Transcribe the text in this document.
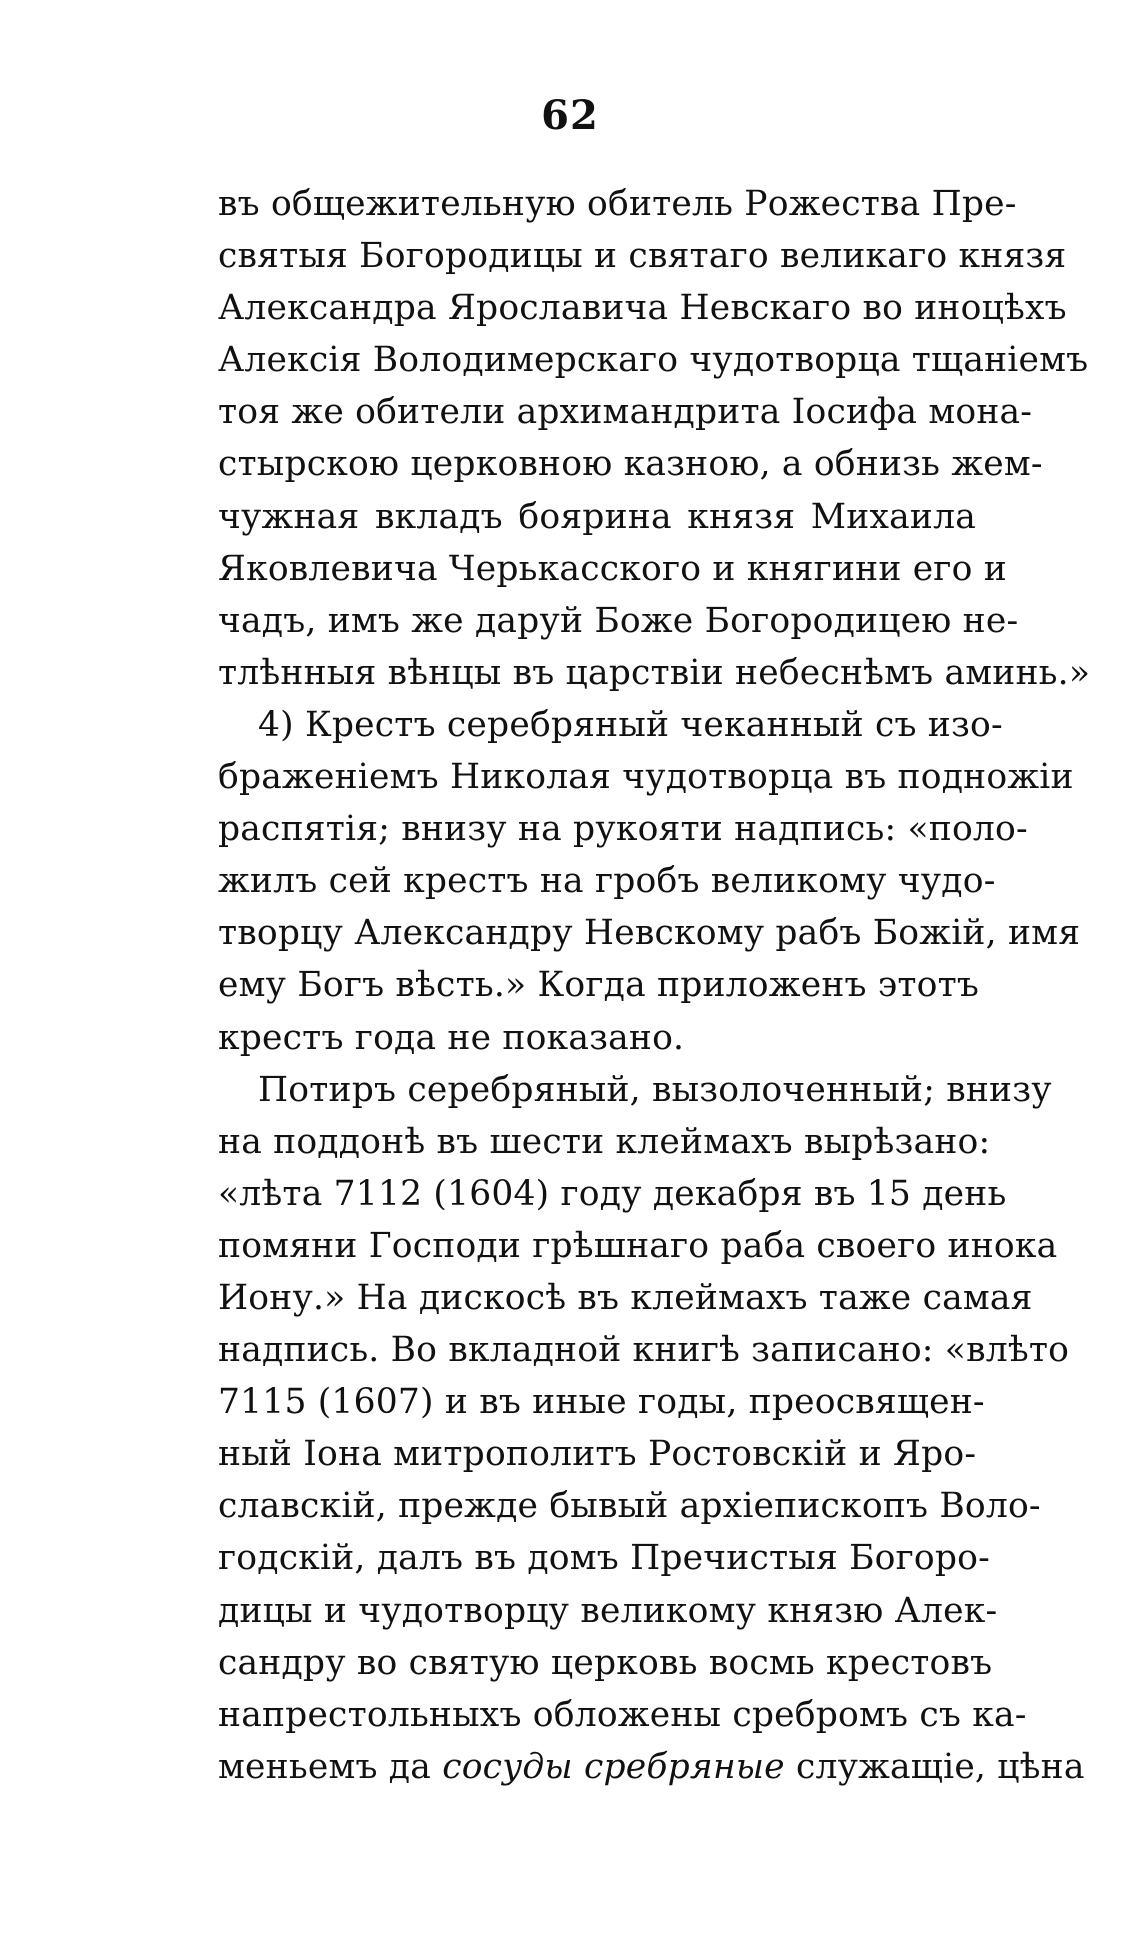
62
въ общежительную обитель Рожества Пре-
святыя Богородицы и святаго великаго князя
Александра Ярославича Невскаго во иноцѣхъ
Алексія Володимерскаго чудотворца тщаніемъ
тоя же обители архимандрита Іосифа мона-
стырскою церковною казною, а обнизь жем-
чужная вкладъ боярина князя Михаила
Яковлевича Черькасского и княгини его и
чадъ, имъ же даруй Боже Богородицею не-
тлѣнныя вѣнцы въ царствіи небеснѣмъ аминь.»
4) Крестъ серебряный чеканный съ изо-
браженіемъ Николая чудотворца въ подножіи
распятія; внизу на рукояти надпись: «поло-
жилъ сей крестъ на гробъ великому чудо-
творцу Александру Невскому рабъ Божій, имя
ему Богъ вѣсть.» Когда приложенъ этотъ
крестъ года не показано.
Потиръ серебряный, вызолоченный; внизу
на поддонѣ въ шести клеймахъ вырѣзано:
«лѣта 7112 (1604) году декабря въ 15 день
помяни Господи грѣшнаго раба своего инока
Иону.» На дискосѣ въ клеймахъ таже самая
надпись. Во вкладной книгѣ записано: «влѣто
7115 (1607) и въ иные годы, преосвящен-
ный Іона митрополитъ Ростовскій и Яро-
славскій, прежде бывый архіепископъ Воло-
годскій, далъ въ домъ Пречистыя Богоро-
дицы и чудотворцу великому князю Алек-
сандру во святую церковь восмь крестовъ
напрестольныхъ обложены сребромъ съ ка-
меньемъ да сосуды сребряные служащіе, цѣна
